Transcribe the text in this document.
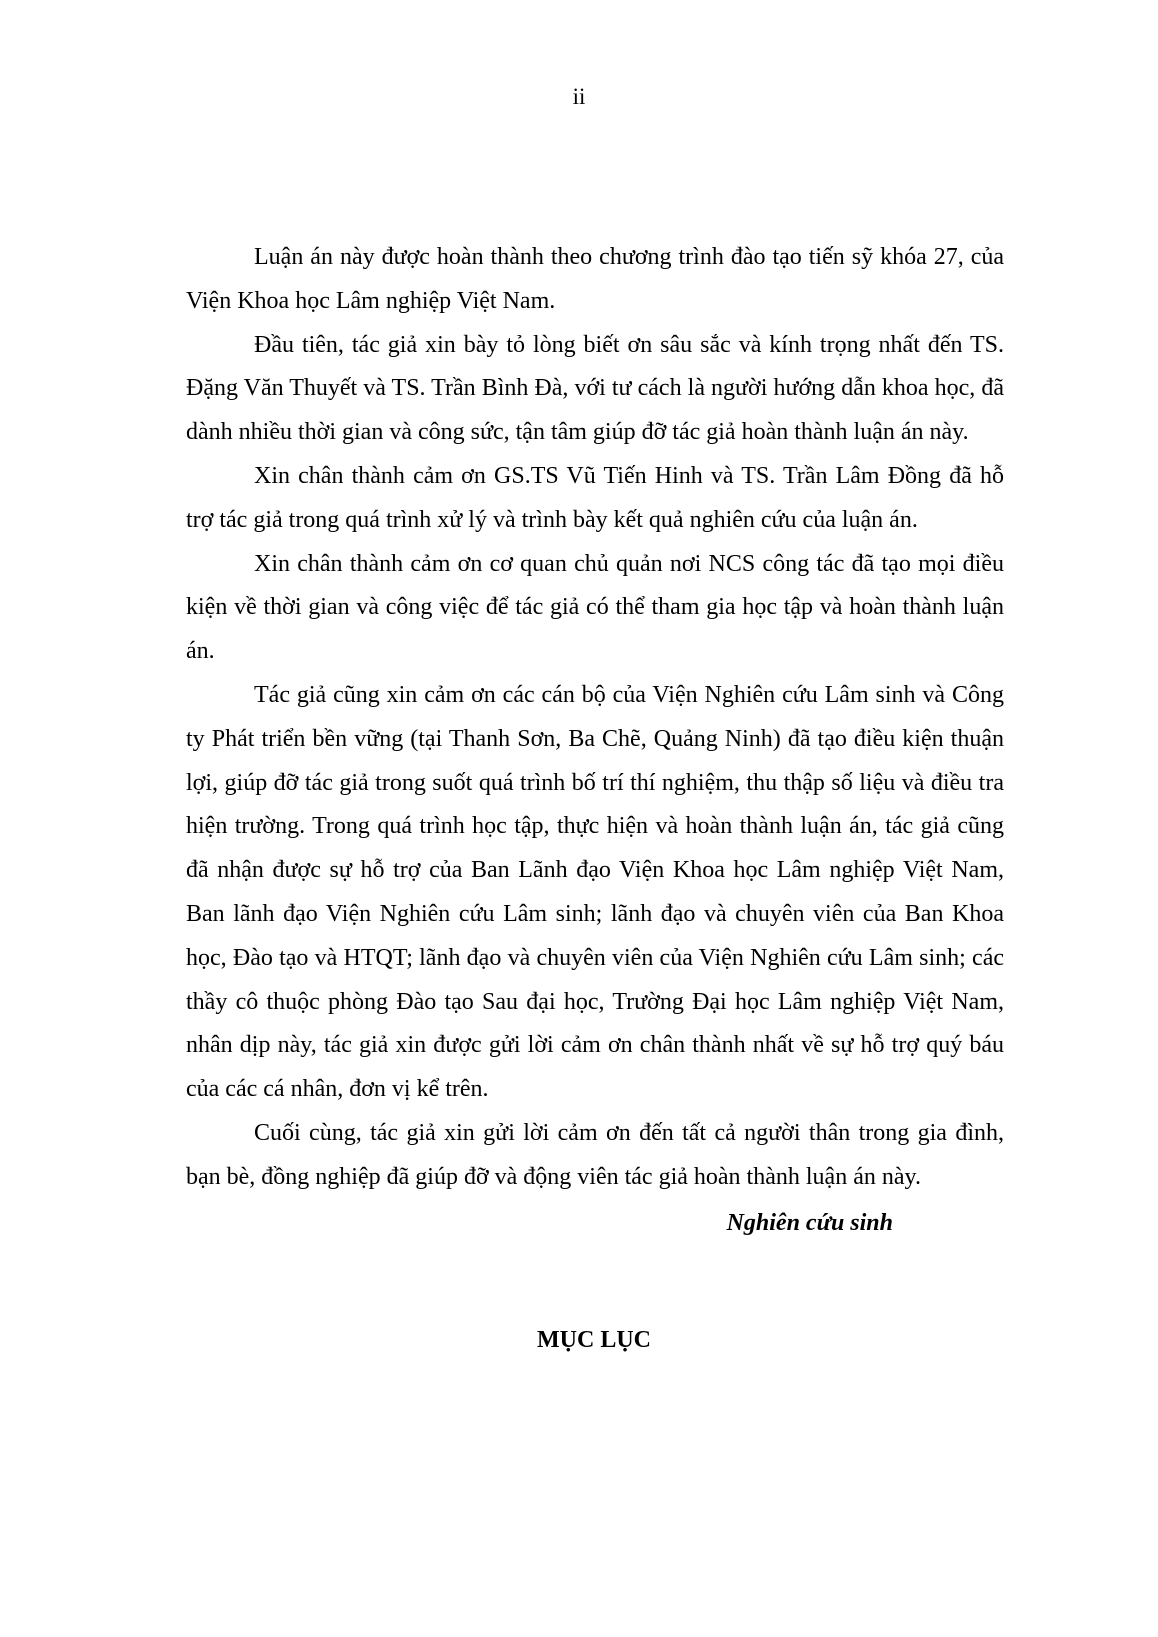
ii

Luận án này được hoàn thành theo chương trình đào tạo tiến sỹ khóa 27, của Viện Khoa học Lâm nghiệp Việt Nam.

Đầu tiên, tác giả xin bày tỏ lòng biết ơn sâu sắc và kính trọng nhất đến TS. Đặng Văn Thuyết và TS. Trần Bình Đà, với tư cách là người hướng dẫn khoa học, đã dành nhiều thời gian và công sức, tận tâm giúp đỡ tác giả hoàn thành luận án này.

Xin chân thành cảm ơn GS.TS Vũ Tiến Hinh và TS. Trần Lâm Đồng đã hỗ trợ tác giả trong quá trình xử lý và trình bày kết quả nghiên cứu của luận án.

Xin chân thành cảm ơn cơ quan chủ quản nơi NCS công tác đã tạo mọi điều kiện về thời gian và công việc để tác giả có thể tham gia học tập và hoàn thành luận án.

Tác giả cũng xin cảm ơn các cán bộ của Viện Nghiên cứu Lâm sinh và Công ty Phát triển bền vững (tại Thanh Sơn, Ba Chẽ, Quảng Ninh) đã tạo điều kiện thuận lợi, giúp đỡ tác giả trong suốt quá trình bố trí thí nghiệm, thu thập số liệu và điều tra hiện trường. Trong quá trình học tập, thực hiện và hoàn thành luận án, tác giả cũng đã nhận được sự hỗ trợ của Ban Lãnh đạo Viện Khoa học Lâm nghiệp Việt Nam, Ban lãnh đạo Viện Nghiên cứu Lâm sinh; lãnh đạo và chuyên viên của Ban Khoa học, Đào tạo và HTQT; lãnh đạo và chuyên viên của Viện Nghiên cứu Lâm sinh; các thầy cô thuộc phòng Đào tạo Sau đại học, Trường Đại học Lâm nghiệp Việt Nam, nhân dịp này, tác giả xin được gửi lời cảm ơn chân thành nhất về sự hỗ trợ quý báu của các cá nhân, đơn vị kể trên.

Cuối cùng, tác giả xin gửi lời cảm ơn đến tất cả người thân trong gia đình, bạn bè, đồng nghiệp đã giúp đỡ và động viên tác giả hoàn thành luận án này.

Nghiên cứu sinh
MỤC LỤC
